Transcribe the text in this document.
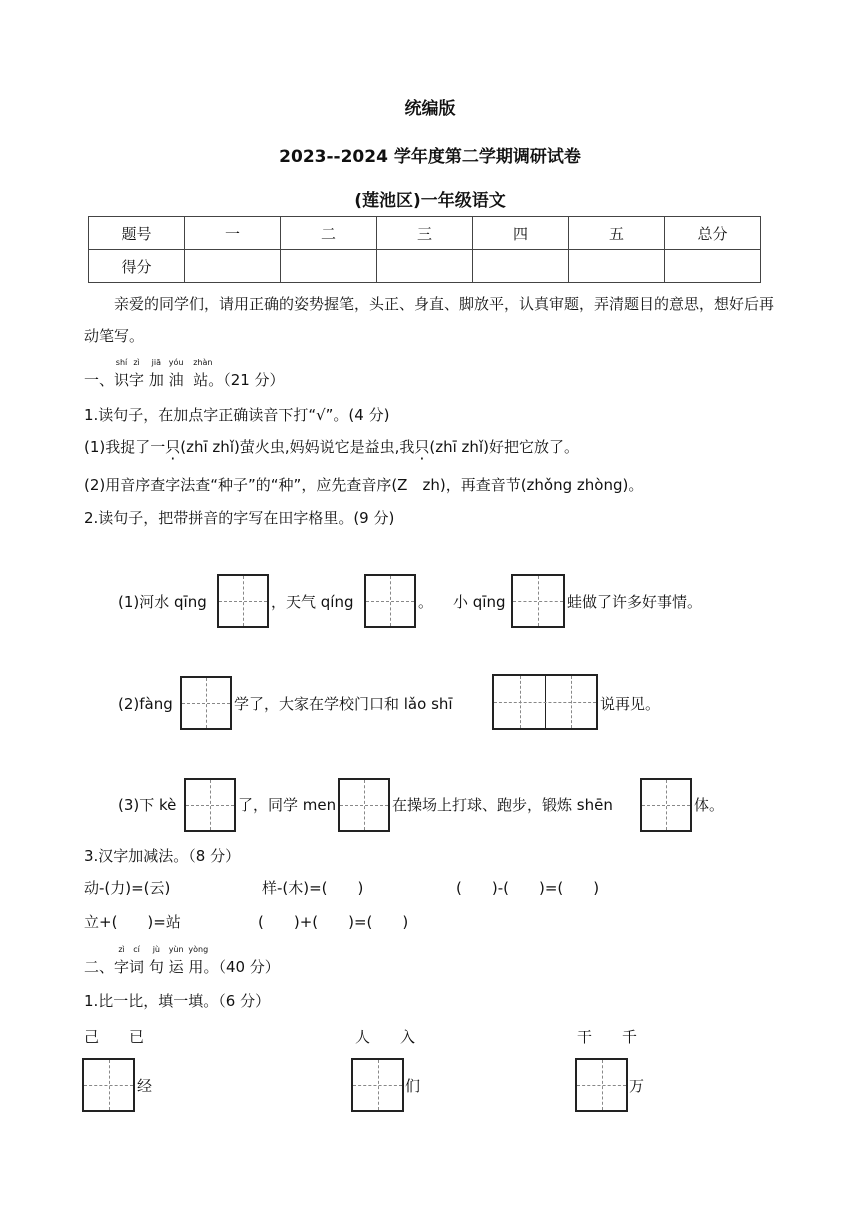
统编版
2023--2024 学年度第二学期调研试卷
(莲池区)一年级语文
题号	一	二	三	四	五	总分
得分						
亲爱的同学们，请用正确的姿势握笔，头正、身直、脚放平，认真审题，弄清题目的意思，想好后再动笔写。
一、
shí
识
zì
字
jiā
加
yóu
油
zhàn
站。（21 分）
1.读句子，在加点字正确读音下打“√”。(4 分)
(1)我捉了一只(zhī zhǐ)萤火虫,妈妈说它是益虫,我只(zhī zhǐ)好把它放了。
(2)用音序查字法查“种子”的“种”，应先查音序(Z　zh)，再查音节(zhǒng zhòng)。
2.读句子，把带拼音的字写在田字格里。(9 分)
(1)河水 qīng	，天气 qíng	。 小 qīng	蛙做了许多好事情。
(2)fàng	学了，大家在学校门口和 lǎo shī	说再见。
(3)下 kè	了，同学 men	在操场上打球、跑步，锻炼 shēn	体。
3.汉字加减法。（8 分）
动-(力)=(云)	样-(木)=(　　)	(　　)-(　　)=(　　)
立+(　　)=站	(　　)+(　　)=(　　)
二、
zì
字
cí
词
jù
句
yùn
运
yòng
用。（40 分）
1.比一比，填一填。（6 分）
己　　已	人　　入	干　　千
经	们	万
